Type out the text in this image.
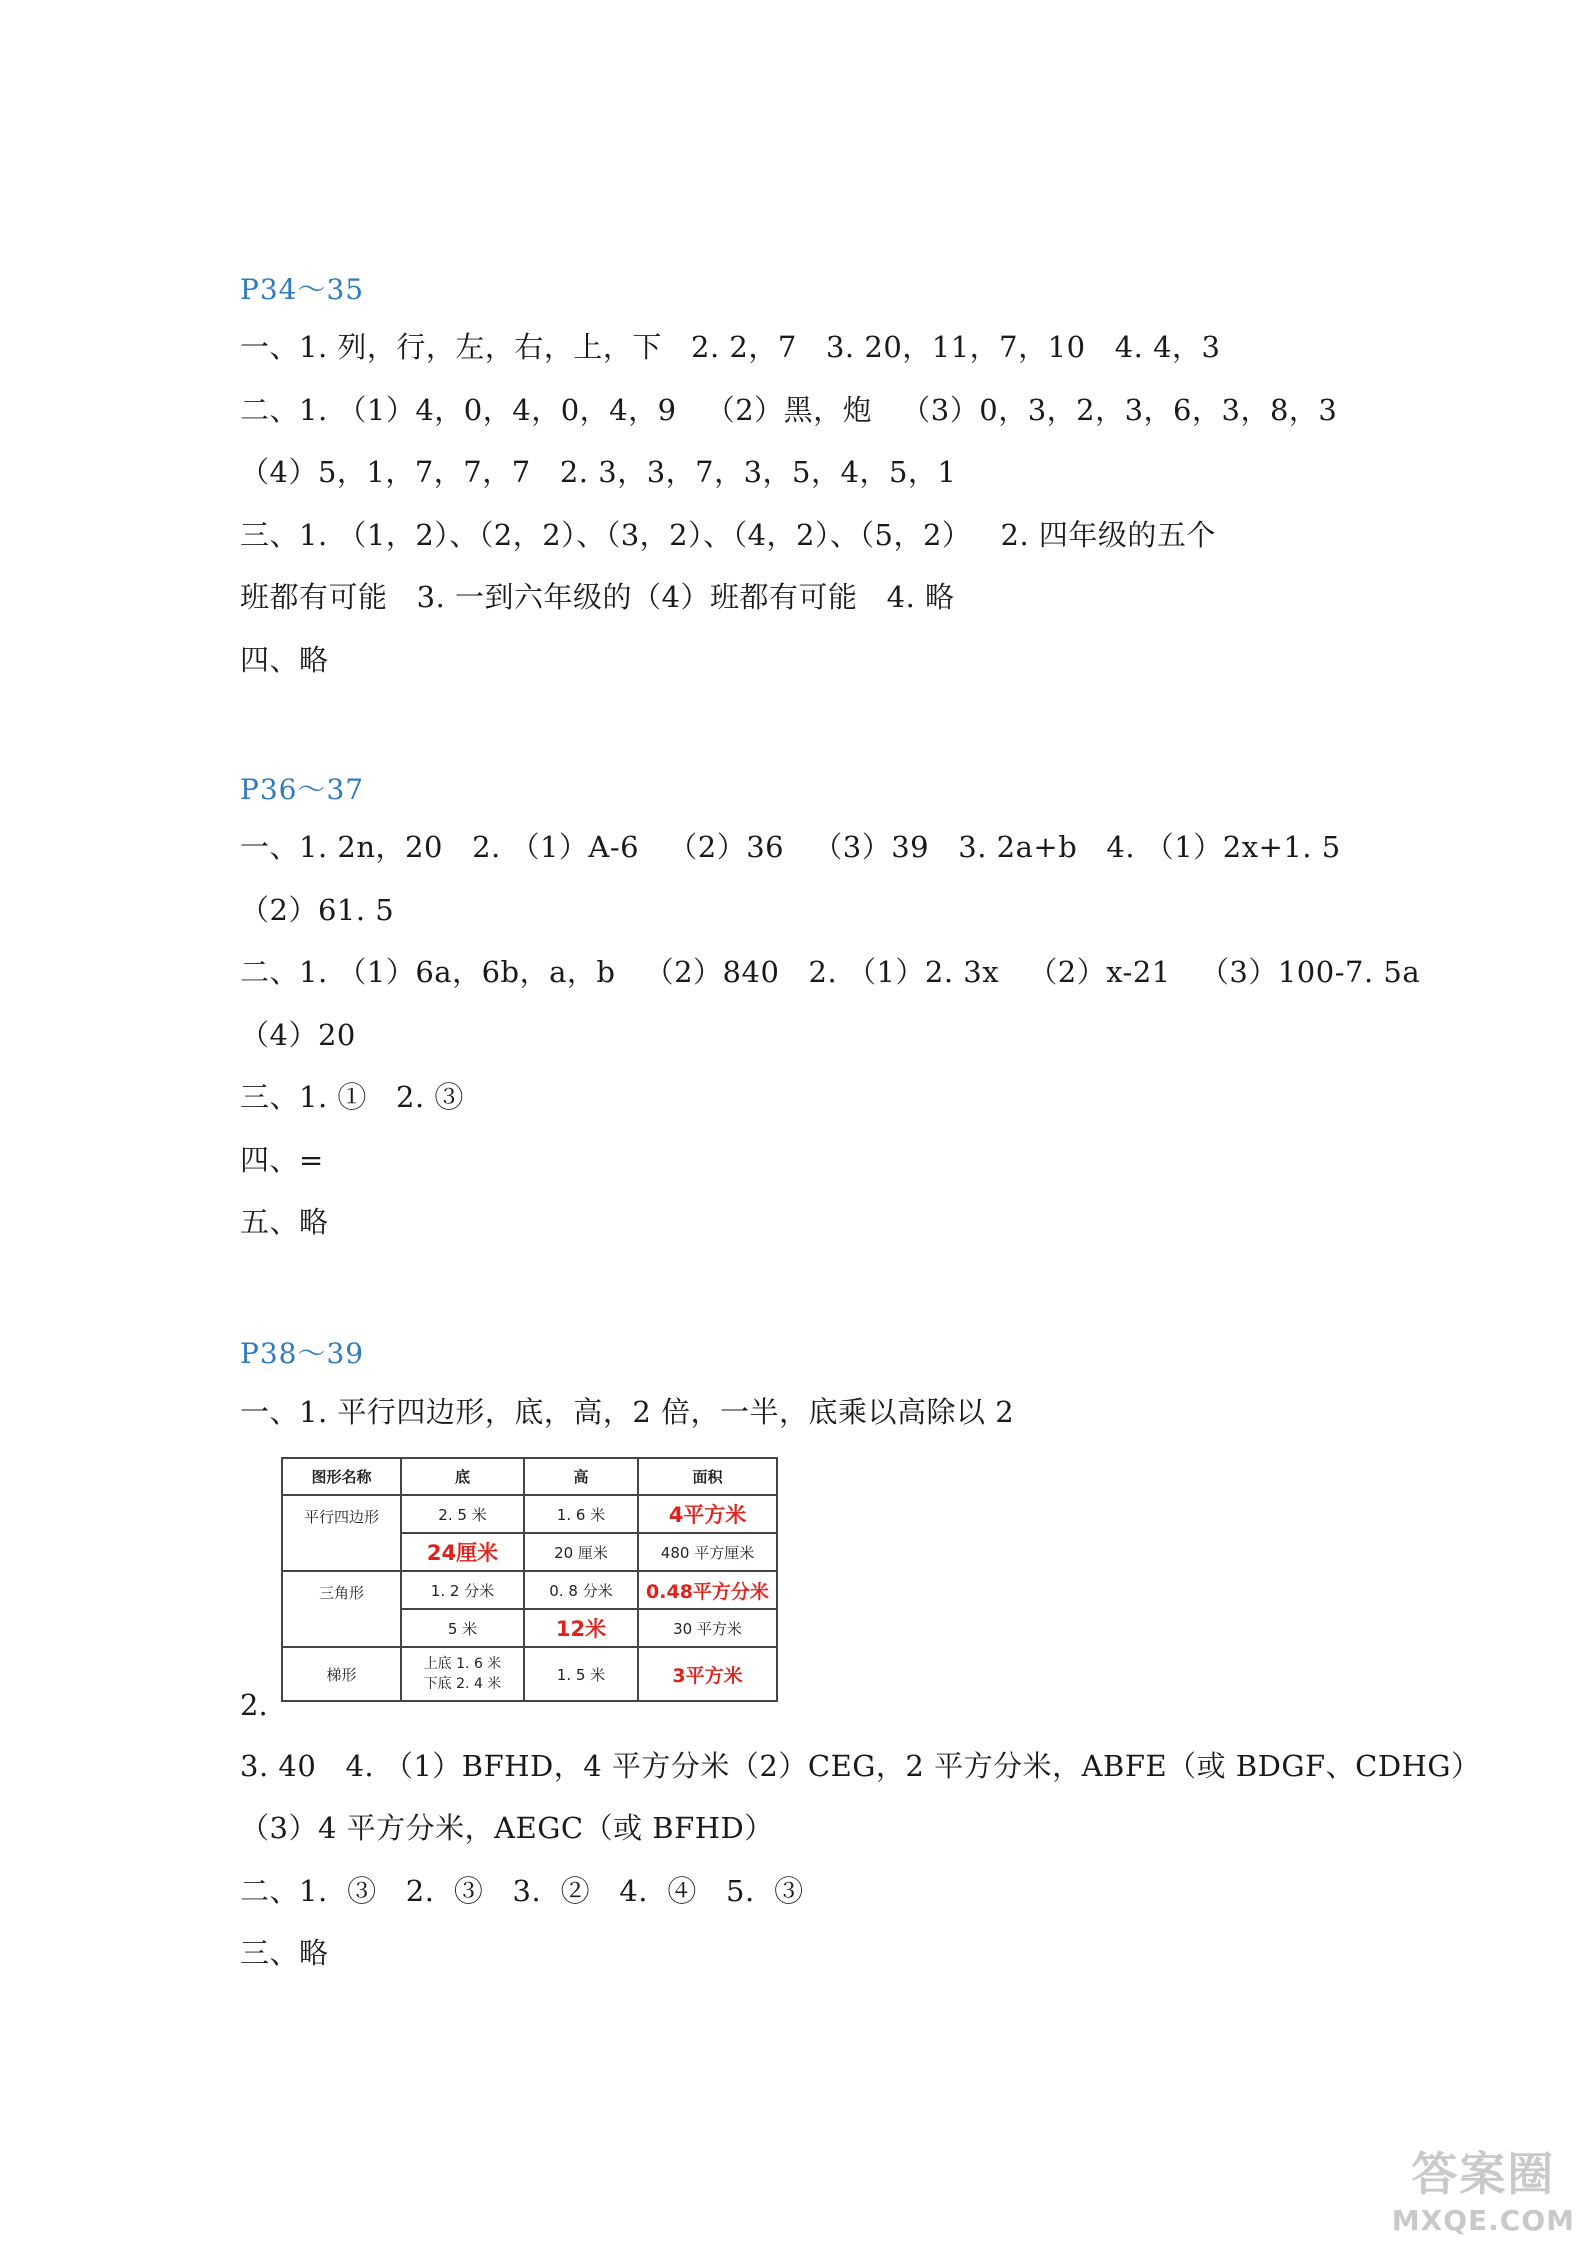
P34～35
一、1. 列，行，左，右，上，下   2. 2，7   3. 20，11，7，10   4. 4，3
二、1. （1）4，0，4，0，4，9   （2）黑，炮   （3）0，3，2，3，6，3，8，3
（4）5，1，7，7，7   2. 3，3，7，3，5，4，5，1
三、1. （1，2）、（2，2）、（3，2）、（4，2）、（5，2）   2. 四年级的五个
班都有可能   3. 一到六年级的（4）班都有可能   4. 略
四、略
P36～37
一、1. 2n，20   2. （1）A-6   （2）36   （3）39   3. 2a+b   4. （1）2x+1. 5
（2）61. 5
二、1. （1）6a，6b，a，b   （2）840   2. （1）2. 3x   （2）x-21   （3）100-7. 5a
（4）20
三、1. ①   2. ③
四、=
五、略
P38～39
一、1. 平行四边形，底，高，2 倍，一半，底乘以高除以 2
图形名称	底	高	面积
平行四边形	2. 5 米	1. 6 米	4平方米
	24厘米	20 厘米	480 平方厘米
三角形	1. 2 分米	0. 8 分米	0.48平方分米
	5 米	12米	30 平方米
梯形	上底 1. 6 米
下底 2. 4 米	1. 5 米	3平方米
2.
3. 40   4. （1）BFHD，4 平方分米（2）CEG，2 平方分米，ABFE（或 BDGF、CDHG）
（3）4 平方分米，AEGC（或 BFHD）
二、1.  ③   2.  ③   3.  ②   4.  ④   5.  ③
三、略
答案圈
MXQE.COM
